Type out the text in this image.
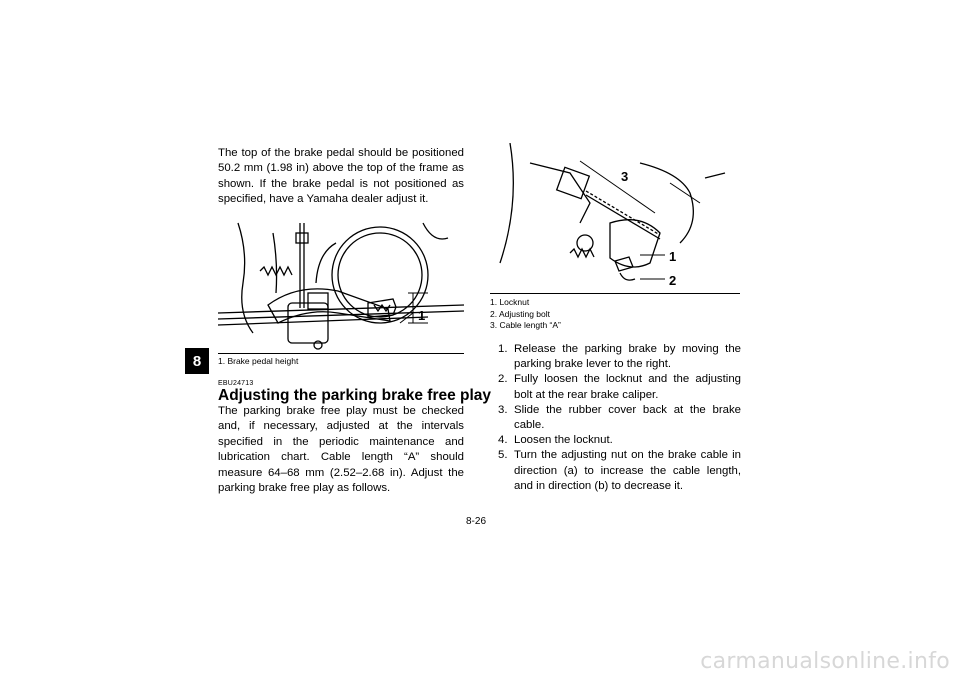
8

The top of the brake pedal should be positioned 50.2 mm (1.98 in) above the top of the frame as shown. If the brake pedal is not positioned as specified, have a Yamaha dealer adjust it.

1
1. Brake pedal height
EBU24713
Adjusting the parking brake free play

The parking brake free play must be checked and, if necessary, adjusted at the intervals specified in the periodic maintenance and lubrication chart. Cable length “A” should measure 64–68 mm (2.52–2.68 in). Adjust the parking brake free play as follows.

3
1
2
1. Locknut
2. Adjusting bolt
3. Cable length “A”
1. Release the parking brake by moving the parking brake lever to the right.
2. Fully loosen the locknut and the adjusting bolt at the rear brake caliper.
3. Slide the rubber cover back at the brake cable.
4. Loosen the locknut.
5. Turn the adjusting nut on the brake cable in direction (a) to increase the cable length, and in direction (b) to decrease it.
8-26
carmanualsonline.info
